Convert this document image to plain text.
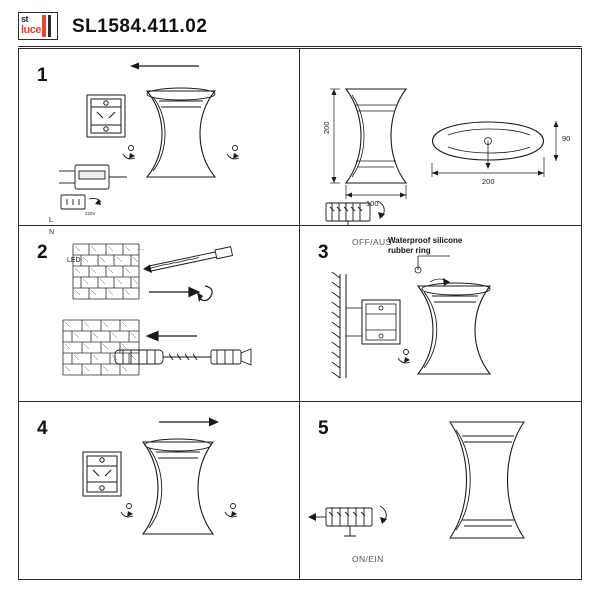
st
luce SL1584.411.02
1
L
N
220V
LED
...
200
100
90
200
OFF/AUS
2	3
Waterproof silicone
rubber ring
4	5
ON/EIN
